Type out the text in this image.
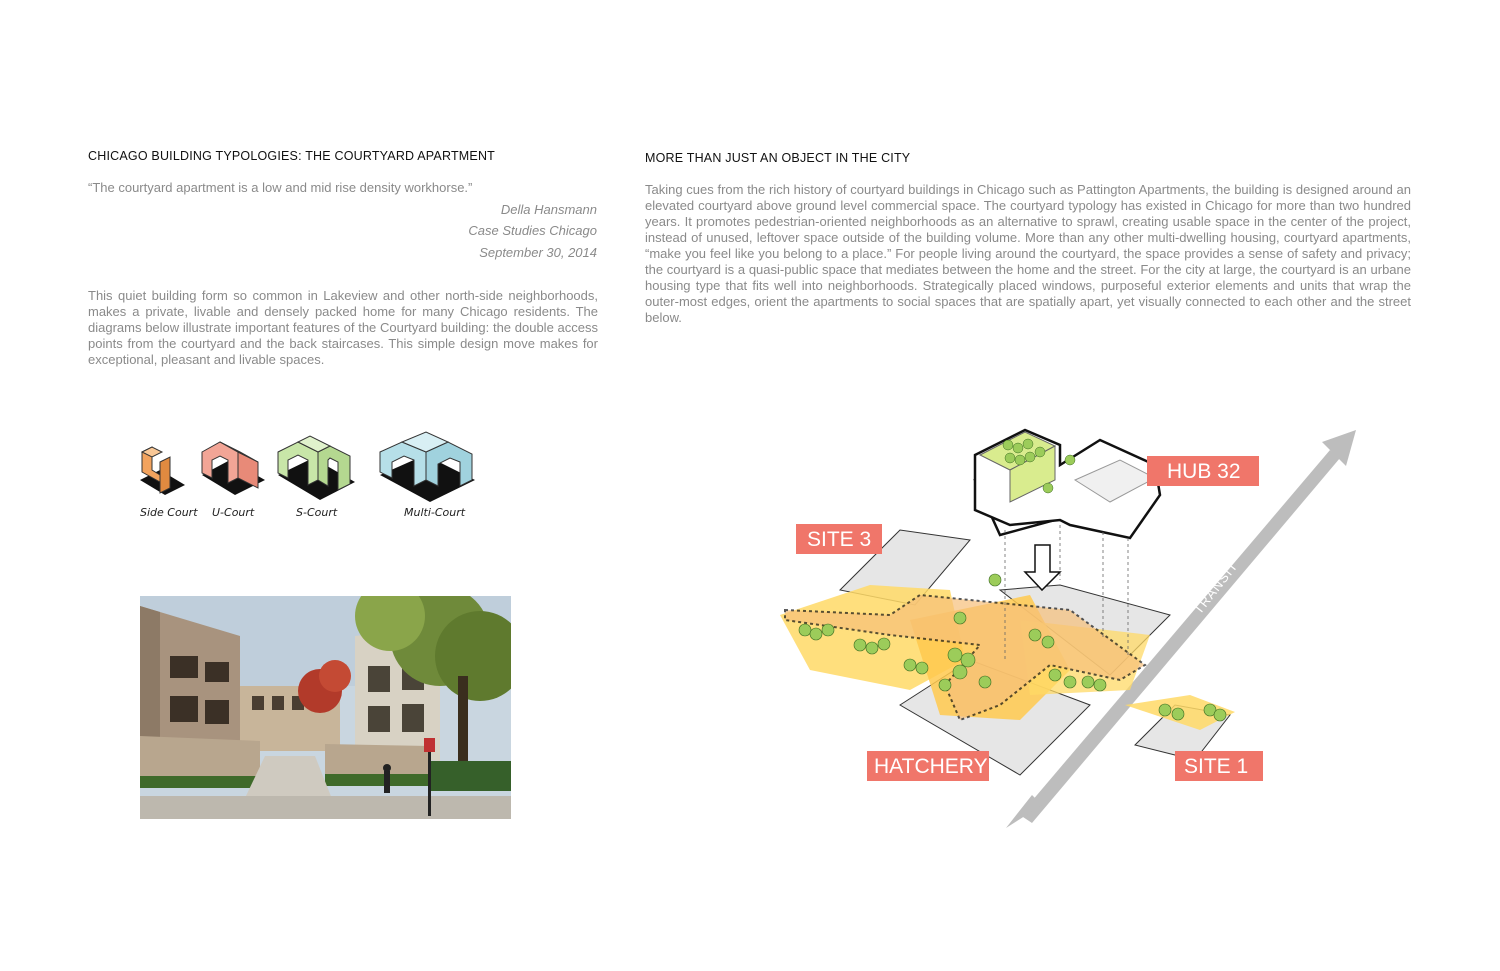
CHICAGO BUILDING TYPOLOGIES: THE COURTYARD APARTMENT
“The courtyard apartment is a low and mid rise density workhorse.”
Della Hansmann
Case Studies Chicago
September 30, 2014

This quiet building form so common in Lakeview and other north-side neighborhoods, makes a private, livable and densely packed home for many Chicago residents. The diagrams below illustrate important features of the Courtyard building: the double access points from the courtyard and the back staircases. This simple design move makes for exceptional, pleasant and livable spaces.

Side Court U-Court	S-Court	Multi-Court
MORE THAN JUST AN OBJECT IN THE CITY

Taking cues from the rich history of courtyard buildings in Chicago such as Pattington Apartments, the building is designed around an elevated courtyard above ground level commercial space. The courtyard typology has existed in Chicago for more than two hundred years. It promotes pedestrian-oriented neighborhoods as an alternative to sprawl, creating usable space in the center of the project, instead of unused, leftover space outside of the building volume. More than any other multi-dwelling housing, courtyard apartments, “make you feel like you belong to a place.” For people living around the courtyard, the space provides a sense of safety and privacy; the courtyard is a quasi-public space that mediates between the home and the street. For the city at large, the courtyard is an urbane housing type that fits well into neighborhoods. Strategically placed windows, purposeful exterior elements and units that wrap the outer-most edges, orient the apartments to social spaces that are spatially apart, yet visually connected to each other and the street below.

TRANSIT
HUB 32
SITE 3
HATCHERY	SITE 1
